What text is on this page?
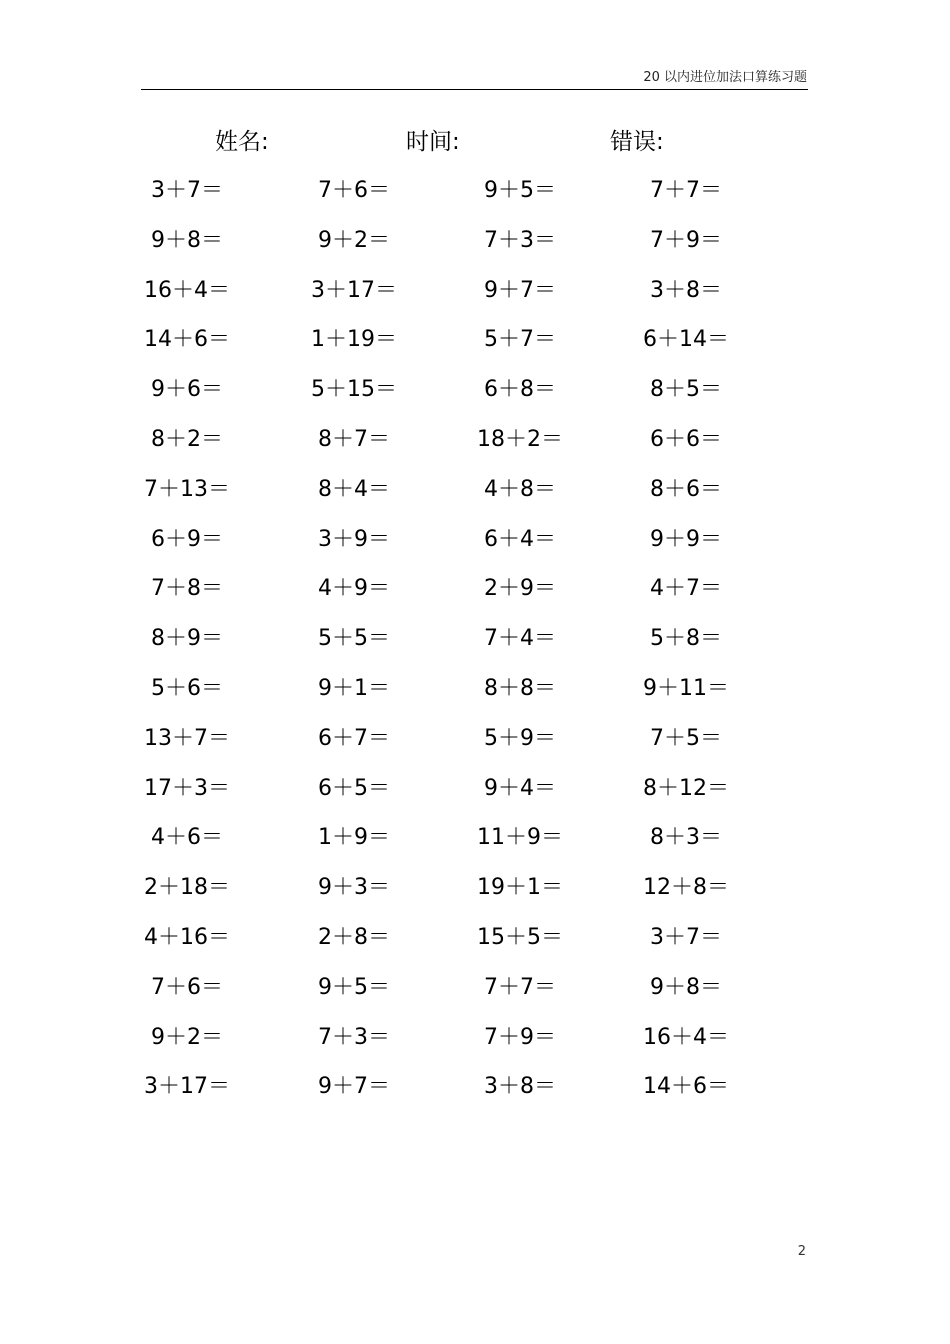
20 以内进位加法口算练习题
姓名:	时间:	错误:
3＋7＝	7＋6＝	9＋5＝	7＋7＝
9＋8＝	9＋2＝	7＋3＝	7＋9＝
16＋4＝	3＋17＝	9＋7＝	3＋8＝
14＋6＝	1＋19＝	5＋7＝	6＋14＝
9＋6＝	5＋15＝	6＋8＝	8＋5＝
8＋2＝	8＋7＝	18＋2＝	6＋6＝
7＋13＝	8＋4＝	4＋8＝	8＋6＝
6＋9＝	3＋9＝	6＋4＝	9＋9＝
7＋8＝	4＋9＝	2＋9＝	4＋7＝
8＋9＝	5＋5＝	7＋4＝	5＋8＝
5＋6＝	9＋1＝	8＋8＝	9＋11＝
13＋7＝	6＋7＝	5＋9＝	7＋5＝
17＋3＝	6＋5＝	9＋4＝	8＋12＝
4＋6＝	1＋9＝	11＋9＝	8＋3＝
2＋18＝	9＋3＝	19＋1＝	12＋8＝
4＋16＝	2＋8＝	15＋5＝	3＋7＝
7＋6＝	9＋5＝	7＋7＝	9＋8＝
9＋2＝	7＋3＝	7＋9＝	16＋4＝
3＋17＝	9＋7＝	3＋8＝	14＋6＝
2
